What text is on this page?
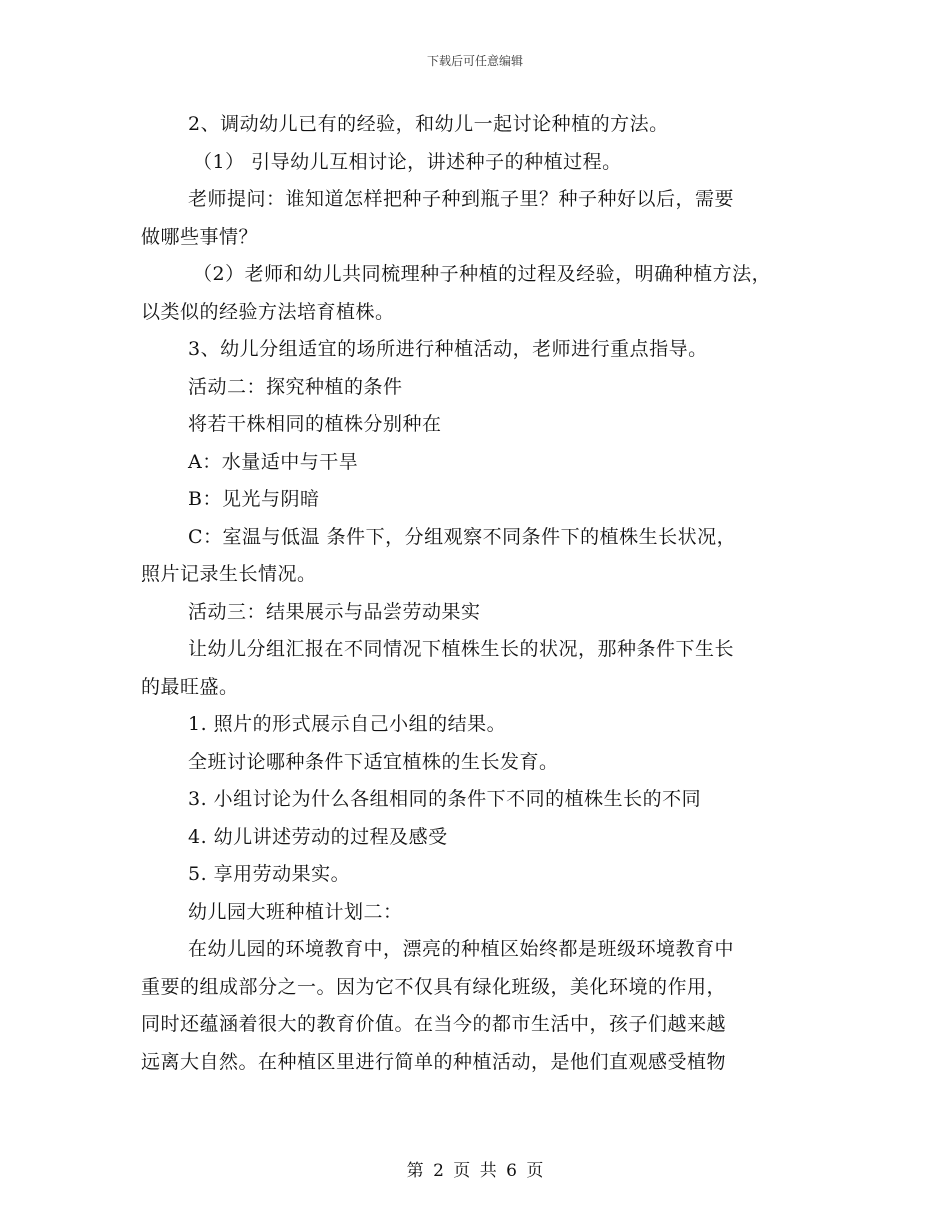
下载后可任意编辑
2、调动幼儿已有的经验，和幼儿一起讨论种植的方法。
（1） 引导幼儿互相讨论，讲述种子的种植过程。
老师提问：谁知道怎样把种子种到瓶子里？种子种好以后，需要
做哪些事情？
（2）老师和幼儿共同梳理种子种植的过程及经验，明确种植方法，
以类似的经验方法培育植株。
3、幼儿分组适宜的场所进行种植活动，老师进行重点指导。
活动二：探究种植的条件
将若干株相同的植株分别种在
A：水量适中与干旱
B：见光与阴暗
C：室温与低温 条件下，分组观察不同条件下的植株生长状况，
照片记录生长情况。
活动三：结果展示与品尝劳动果实
让幼儿分组汇报在不同情况下植株生长的状况，那种条件下生长
的最旺盛。
1. 照片的形式展示自己小组的结果。
全班讨论哪种条件下适宜植株的生长发育。
3. 小组讨论为什么各组相同的条件下不同的植株生长的不同
4. 幼儿讲述劳动的过程及感受
5. 享用劳动果实。
幼儿园大班种植计划二：
在幼儿园的环境教育中，漂亮的种植区始终都是班级环境教育中
重要的组成部分之一。因为它不仅具有绿化班级，美化环境的作用，
同时还蕴涵着很大的教育价值。在当今的都市生活中，孩子们越来越
远离大自然。在种植区里进行简单的种植活动，是他们直观感受植物
第 2 页 共 6 页
